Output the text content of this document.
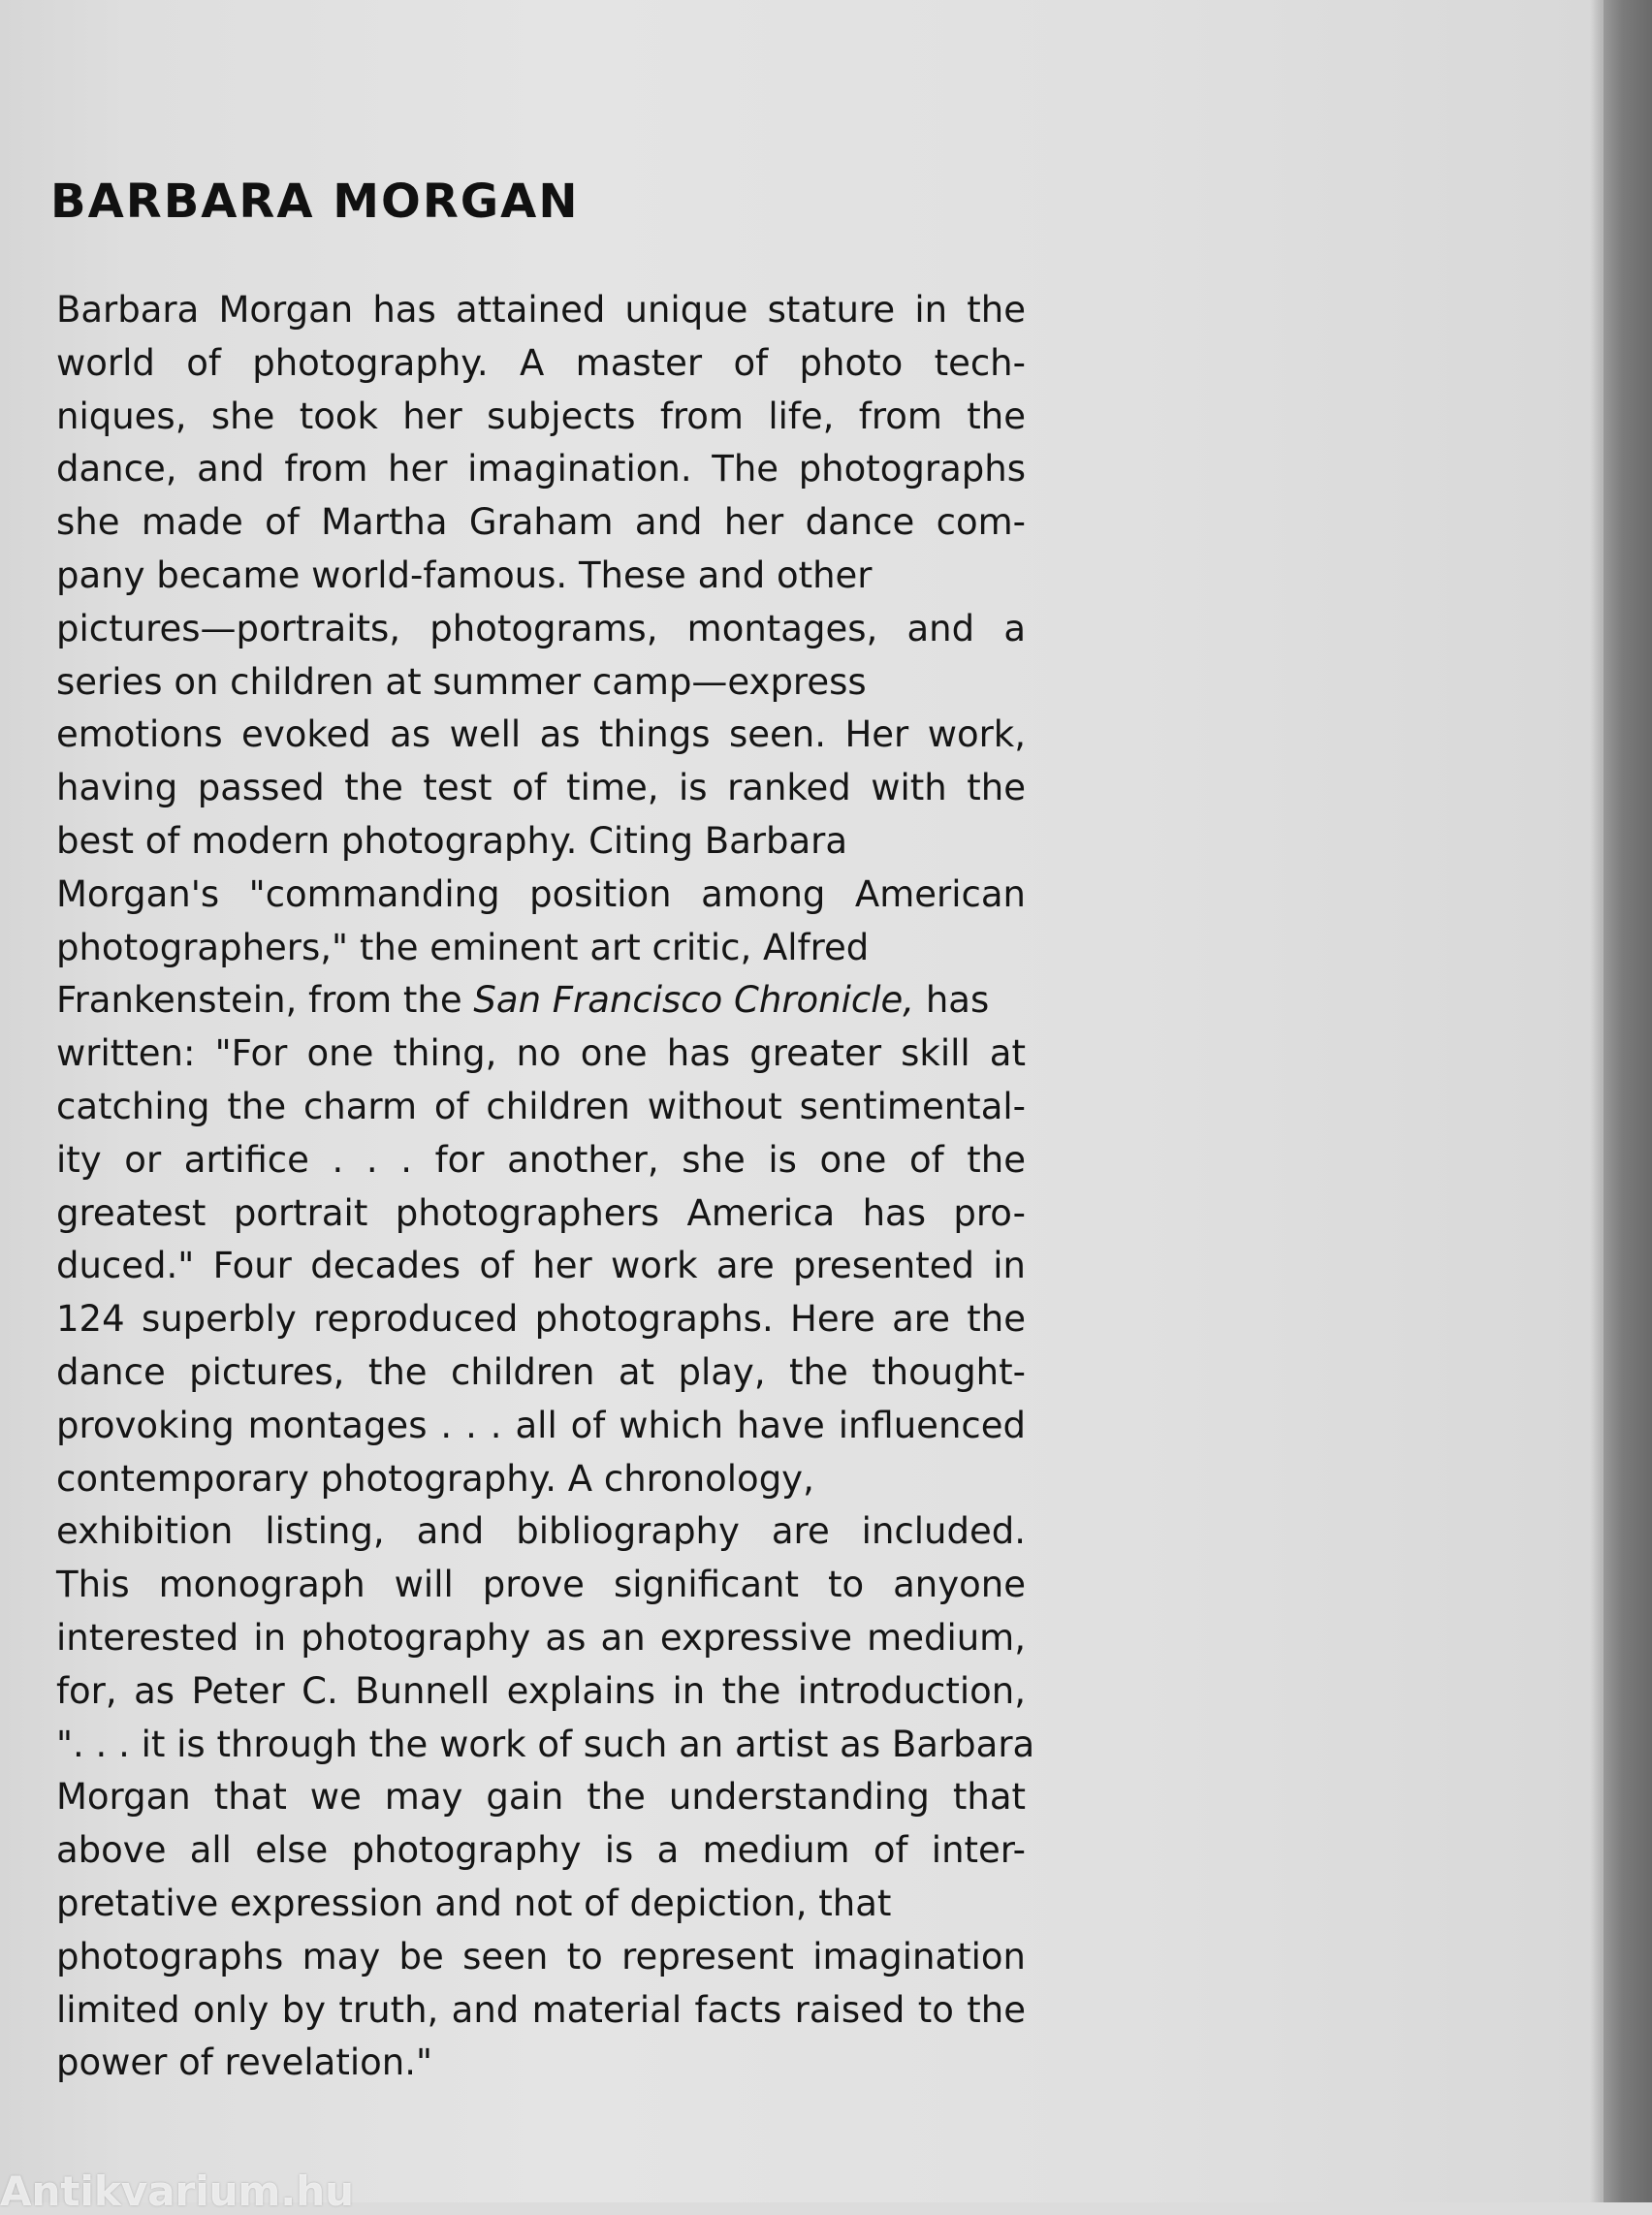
BARBARA MORGAN
Barbara Morgan has attained unique stature in the
world of photography. A master of photo tech-
niques, she took her subjects from life, from the
dance, and from her imagination. The photographs
she made of Martha Graham and her dance com-
pany became world-famous. These and other
pictures—portraits, photograms, montages, and a
series on children at summer camp—express
emotions evoked as well as things seen. Her work,
having passed the test of time, is ranked with the
best of modern photography. Citing Barbara
Morgan's "commanding position among American
photographers," the eminent art critic, Alfred
Frankenstein, from the San Francisco Chronicle, has
written: "For one thing, no one has greater skill at
catching the charm of children without sentimental-
ity or artifice . . . for another, she is one of the
greatest portrait photographers America has pro-
duced." Four decades of her work are presented in
124 superbly reproduced photographs. Here are the
dance pictures, the children at play, the thought-
provoking montages . . . all of which have influenced
contemporary photography. A chronology,
exhibition listing, and bibliography are included.
This monograph will prove significant to anyone
interested in photography as an expressive medium,
for, as Peter C. Bunnell explains in the introduction,
". . . it is through the work of such an artist as Barbara
Morgan that we may gain the understanding that
above all else photography is a medium of inter-
pretative expression and not of depiction, that
photographs may be seen to represent imagination
limited only by truth, and material facts raised to the
power of revelation."
Antikvarium.hu
